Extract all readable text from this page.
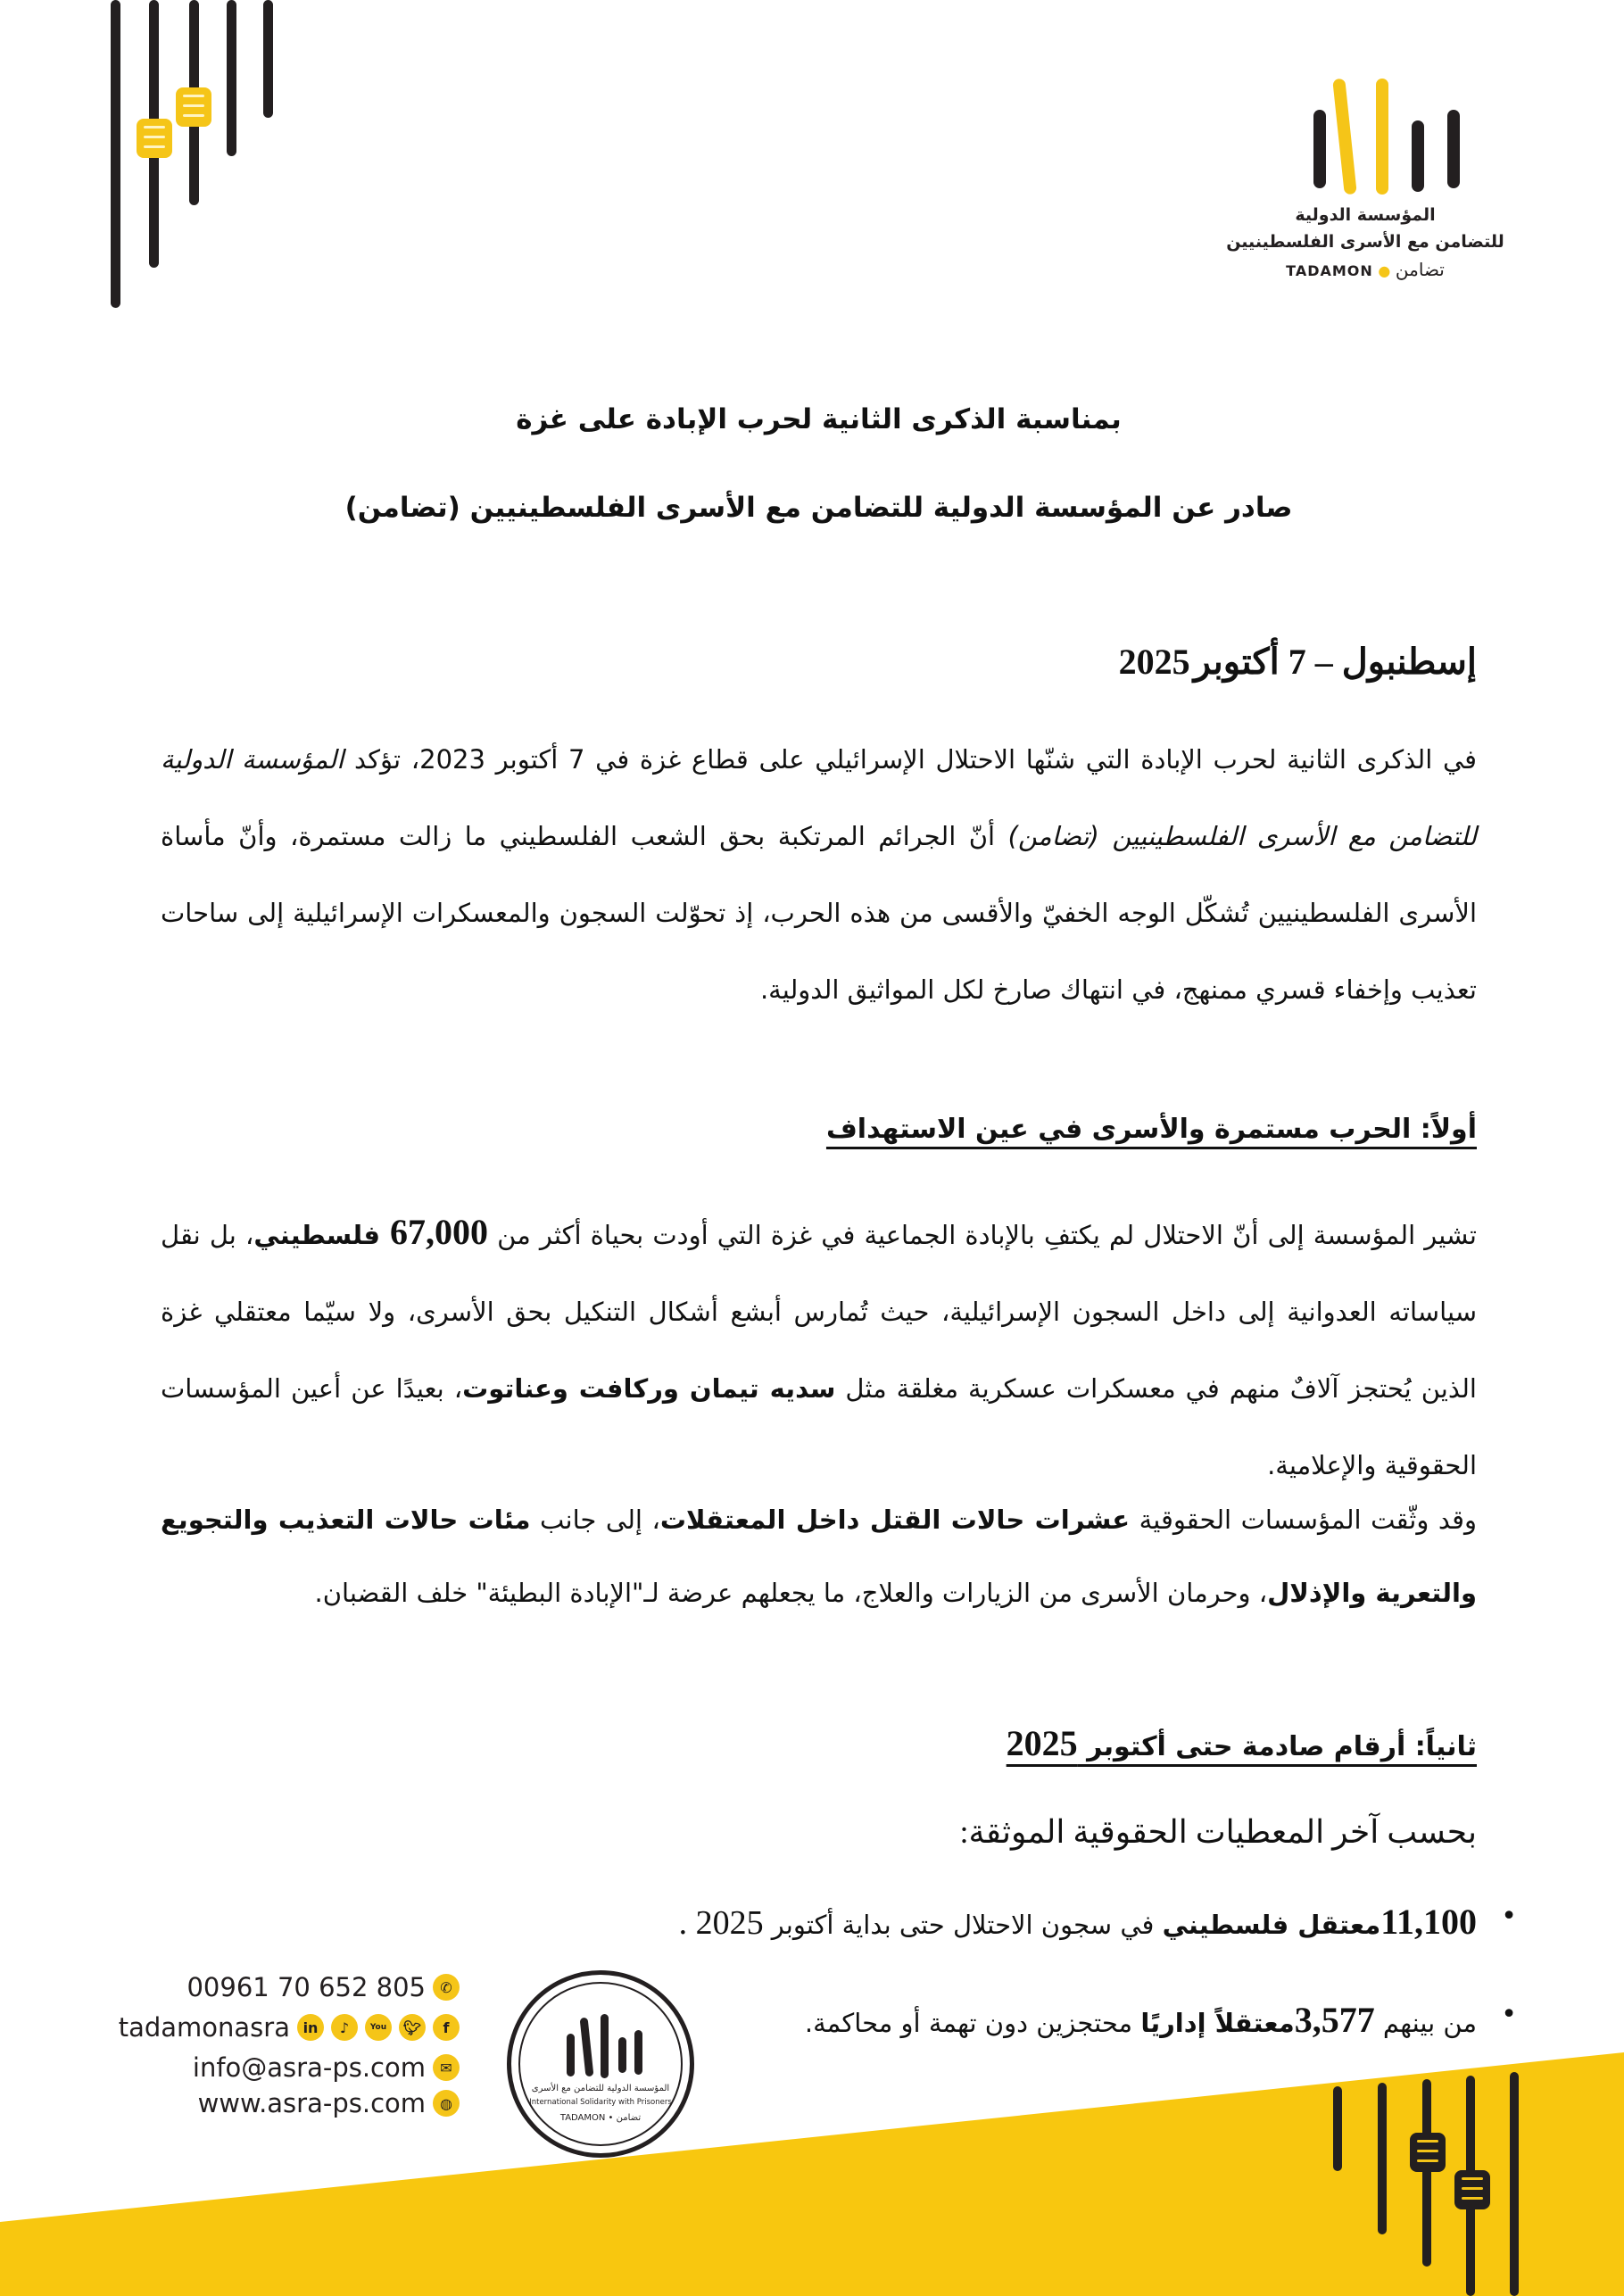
المؤسسة الدولية
للتضامن مع الأسرى الفلسطينيين
TADAMON ● تضامن
بمناسبة الذكرى الثانية لحرب الإبادة على غزة
صادر عن المؤسسة الدولية للتضامن مع الأسرى الفلسطينيين (تضامن)
إسطنبول – 7 أكتوبر 2025
في الذكرى الثانية لحرب الإبادة التي شنّها الاحتلال الإسرائيلي على قطاع غزة في 7 أكتوبر 2023، تؤكد المؤسسة الدولية للتضامن مع الأسرى الفلسطينيين (تضامن) أنّ الجرائم المرتكبة بحق الشعب الفلسطيني ما زالت مستمرة، وأنّ مأساة الأسرى الفلسطينيين تُشكّل الوجه الخفيّ والأقسى من هذه الحرب، إذ تحوّلت السجون والمعسكرات الإسرائيلية إلى ساحات تعذيب وإخفاء قسري ممنهج، في انتهاك صارخ لكل المواثيق الدولية.
أولاً: الحرب مستمرة والأسرى في عين الاستهداف
تشير المؤسسة إلى أنّ الاحتلال لم يكتفِ بالإبادة الجماعية في غزة التي أودت بحياة أكثر من 67,000 فلسطيني، بل نقل سياساته العدوانية إلى داخل السجون الإسرائيلية، حيث تُمارس أبشع أشكال التنكيل بحق الأسرى، ولا سيّما معتقلي غزة الذين يُحتجز آلافٌ منهم في معسكرات عسكرية مغلقة مثل سديه تيمان وركافت وعناتوت، بعيدًا عن أعين المؤسسات الحقوقية والإعلامية.
وقد وثّقت المؤسسات الحقوقية عشرات حالات القتل داخل المعتقلات، إلى جانب مئات حالات التعذيب والتجويع والتعرية والإذلال، وحرمان الأسرى من الزيارات والعلاج، ما يجعلهم عرضة لـ"الإبادة البطيئة" خلف القضبان.
ثانياً: أرقام صادمة حتى أكتوبر 2025
بحسب آخر المعطيات الحقوقية الموثقة:
• 11,100معتقل فلسطيني في سجون الاحتلال حتى بداية أكتوبر 2025 .
• من بينهم 3,577معتقلاً إداريًا محتجزين دون تهمة أو محاكمة.
00961 70 652 805	✆
tadamonasra in	♪	You	🐦︎	f
info@asra-ps.com	✉
www.asra-ps.com	◍
المؤسسة الدولية للتضامن مع الأسرى
International Solidarity with Prisoners
TADAMON • تضامن
